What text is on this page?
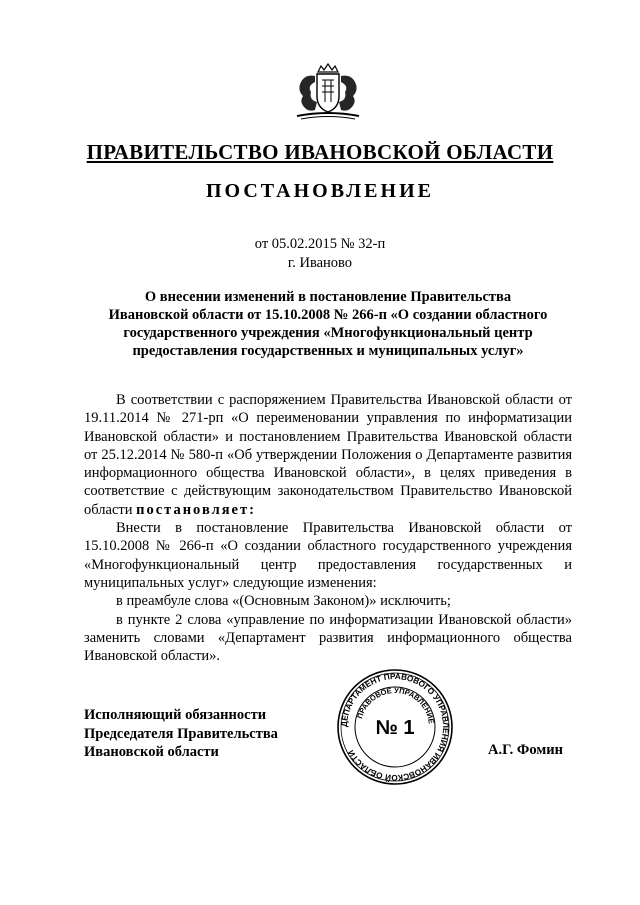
ПРАВИТЕЛЬСТВО ИВАНОВСКОЙ ОБЛАСТИ
ПОСТАНОВЛЕНИЕ
от 05.02.2015 № 32-п
г. Иваново
О внесении изменений в постановление Правительства
Ивановской области от 15.10.2008 № 266-п «О создании областного
государственного учреждения «Многофункциональный центр
предоставления государственных и муниципальных услуг»

В соответствии с распоряжением Правительства Ивановской области от 19.11.2014 № 271-рп «О переименовании управления по информатизации Ивановской области» и постановлением Правительства Ивановской области от 25.12.2014 № 580-п «Об утверждении Положения о Департаменте развития информационного общества Ивановской области», в целях приведения в соответствие с действующим законодательством Правительство Ивановской области постановляет:

Внести в постановление Правительства Ивановской области от 15.10.2008 № 266-п «О создании областного государственного учреждения «Многофункциональный центр предоставления государственных и муниципальных услуг» следующие изменения:

в преамбуле слова «(Основным Законом)» исключить;

в пункте 2 слова «управление по информатизации Ивановской области» заменить словами «Департамент развития информационного общества Ивановской области».

Исполняющий обязанности
Председателя Правительства
Ивановской области
ДЕПАРТАМЕНТ ПРАВОВОГО УПРАВЛЕНИЯ ИВАНОВСКОЙ ОБЛАСТИ
ПРАВОВОЕ УПРАВЛЕНИЕ
№ 1
А.Г. Фомин
